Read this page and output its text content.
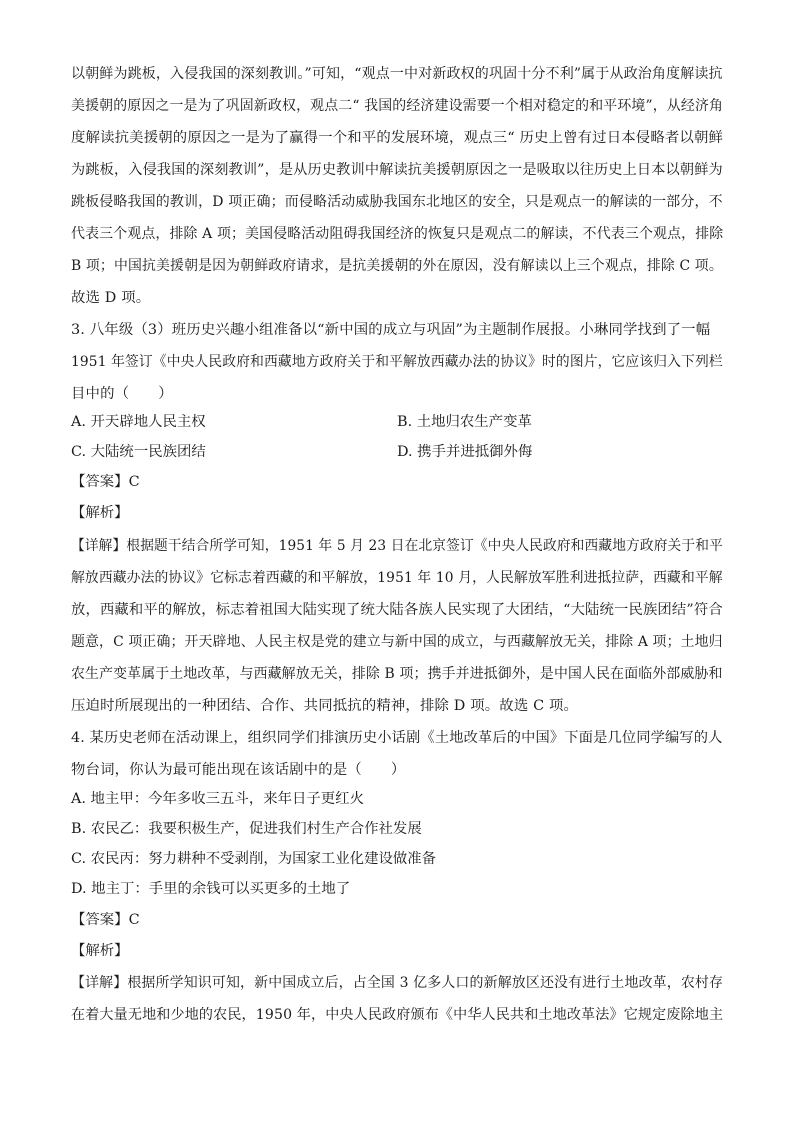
以朝鲜为跳板，入侵我国的深刻教训。”可知，“观点一中对新政权的巩固十分不利”属于从政治角度解读抗
美援朝的原因之一是为了巩固新政权，观点二“ 我国的经济建设需要一个相对稳定的和平环境”，从经济角
度解读抗美援朝的原因之一是为了赢得一个和平的发展环境，观点三“ 历史上曾有过日本侵略者以朝鲜
为跳板，入侵我国的深刻教训”，是从历史教训中解读抗美援朝原因之一是吸取以往历史上日本以朝鲜为
跳板侵略我国的教训，D 项正确；而侵略活动威胁我国东北地区的安全，只是观点一的解读的一部分，不
代表三个观点，排除 A 项；美国侵略活动阻碍我国经济的恢复只是观点二的解读，不代表三个观点，排除
B 项；中国抗美援朝是因为朝鲜政府请求，是抗美援朝的外在原因，没有解读以上三个观点，排除 C 项。
故选 D 项。
3. 八年级（3）班历史兴趣小组准备以“新中国的成立与巩固”为主题制作展报。小琳同学找到了一幅
1951 年签订《中央人民政府和西藏地方政府关于和平解放西藏办法的协议》时的图片，它应该归入下列栏
目中的（　　）
A. 开天辟地人民主权	B. 土地归农生产变革
C. 大陆统一民族团结	D. 携手并进抵御外侮
【答案】C
【解析】
【详解】根据题干结合所学可知，1951 年 5 月 23 日在北京签订《中央人民政府和西藏地方政府关于和平
解放西藏办法的协议》它标志着西藏的和平解放，1951 年 10 月，人民解放军胜利进抵拉萨，西藏和平解
放，西藏和平的解放，标志着祖国大陆实现了统大陆各族人民实现了大团结，“大陆统一民族团结”符合
题意，C 项正确；开天辟地、人民主权是党的建立与新中国的成立，与西藏解放无关，排除 A 项；土地归
农生产变革属于土地改革，与西藏解放无关，排除 B 项；携手并进抵御外，是中国人民在面临外部威胁和
压迫时所展现出的一种团结、合作、共同抵抗的精神，排除 D 项。故选 C 项。
4. 某历史老师在活动课上，组织同学们排演历史小话剧《土地改革后的中国》下面是几位同学编写的人
物台词，你认为最可能出现在该话剧中的是（　　）
A. 地主甲：今年多收三五斗，来年日子更红火
B. 农民乙：我要积极生产，促进我们村生产合作社发展
C. 农民丙：努力耕种不受剥削，为国家工业化建设做准备
D. 地主丁：手里的余钱可以买更多的土地了
【答案】C
【解析】
【详解】根据所学知识可知，新中国成立后，占全国 3 亿多人口的新解放区还没有进行土地改革，农村存
在着大量无地和少地的农民，1950 年，中央人民政府颁布《中华人民共和土地改革法》它规定废除地主
